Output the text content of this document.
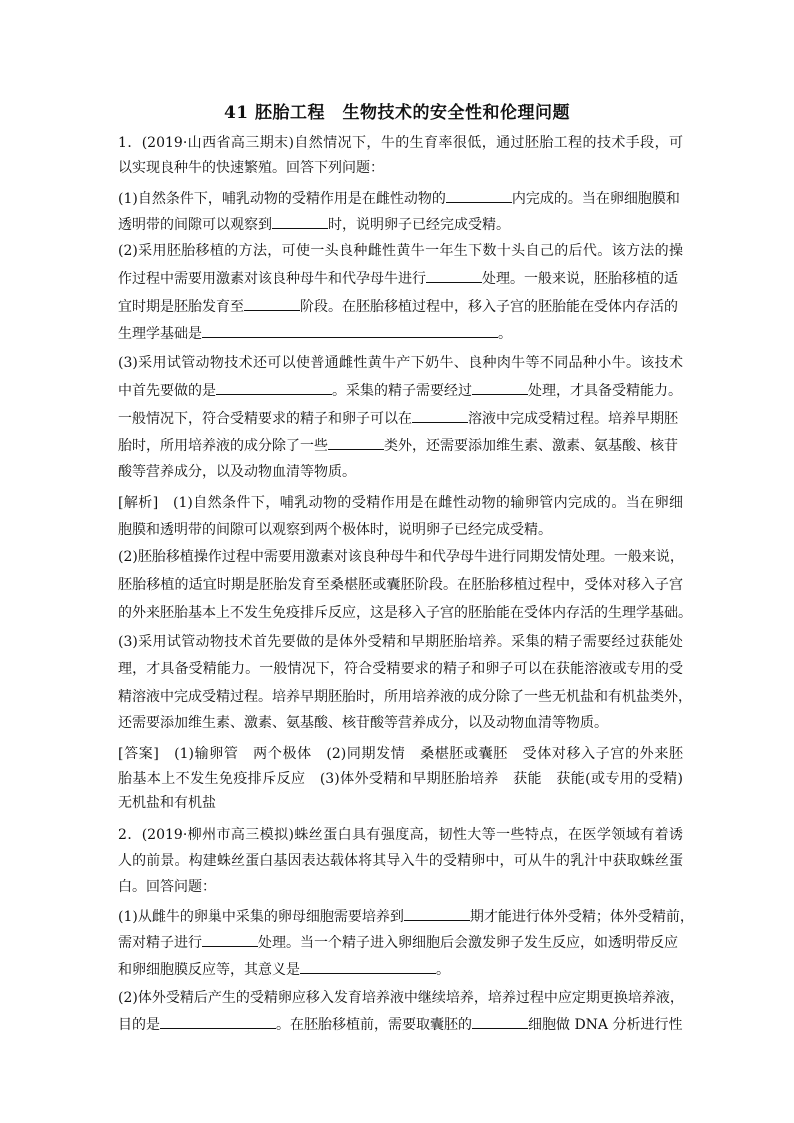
41 胚胎工程　生物技术的安全性和伦理问题
1．(2019·山西省高三期末)自然情况下，牛的生育率很低，通过胚胎工程的技术手段，可
以实现良种牛的快速繁殖。回答下列问题：
(1)自然条件下，哺乳动物的受精作用是在雌性动物的	内完成的。当在卵细胞膜和
透明带的间隙可以观察到	时，说明卵子已经完成受精。
(2)采用胚胎移植的方法，可使一头良种雌性黄牛一年生下数十头自己的后代。该方法的操
作过程中需要用激素对该良种母牛和代孕母牛进行	处理。一般来说，胚胎移植的适
宜时期是胚胎发育至	阶段。在胚胎移植过程中，移入子宫的胚胎能在受体内存活的
生理学基础是	。
(3)采用试管动物技术还可以使普通雌性黄牛产下奶牛、良种肉牛等不同品种小牛。该技术
中首先要做的是	。采集的精子需要经过	处理，才具备受精能力。
一般情况下，符合受精要求的精子和卵子可以在	溶液中完成受精过程。培养早期胚
胎时，所用培养液的成分除了一些	类外，还需要添加维生素、激素、氨基酸、核苷
酸等营养成分，以及动物血清等物质。
[解析]　(1)自然条件下，哺乳动物的受精作用是在雌性动物的输卵管内完成的。当在卵细
胞膜和透明带的间隙可以观察到两个极体时，说明卵子已经完成受精。
(2)胚胎移植操作过程中需要用激素对该良种母牛和代孕母牛进行同期发情处理。一般来说，
胚胎移植的适宜时期是胚胎发育至桑椹胚或囊胚阶段。在胚胎移植过程中，受体对移入子宫
的外来胚胎基本上不发生免疫排斥反应，这是移入子宫的胚胎能在受体内存活的生理学基础。
(3)采用试管动物技术首先要做的是体外受精和早期胚胎培养。采集的精子需要经过获能处
理，才具备受精能力。一般情况下，符合受精要求的精子和卵子可以在获能溶液或专用的受
精溶液中完成受精过程。培养早期胚胎时，所用培养液的成分除了一些无机盐和有机盐类外，
还需要添加维生素、激素、氨基酸、核苷酸等营养成分，以及动物血清等物质。
[答案]　(1)输卵管　两个极体　(2)同期发情　桑椹胚或囊胚　受体对移入子宫的外来胚
胎基本上不发生免疫排斥反应　(3)体外受精和早期胚胎培养　获能　获能(或专用的受精)
无机盐和有机盐
2．(2019·柳州市高三模拟)蛛丝蛋白具有强度高，韧性大等一些特点，在医学领域有着诱
人的前景。构建蛛丝蛋白基因表达载体将其导入牛的受精卵中，可从牛的乳汁中获取蛛丝蛋
白。回答问题：
(1)从雌牛的卵巢中采集的卵母细胞需要培养到	期才能进行体外受精；体外受精前，
需对精子进行	处理。当一个精子进入卵细胞后会激发卵子发生反应，如透明带反应
和卵细胞膜反应等，其意义是	。
(2)体外受精后产生的受精卵应移入发育培养液中继续培养，培养过程中应定期更换培养液，
目的是	。在胚胎移植前，需要取囊胚的	细胞做 DNA 分析进行性
